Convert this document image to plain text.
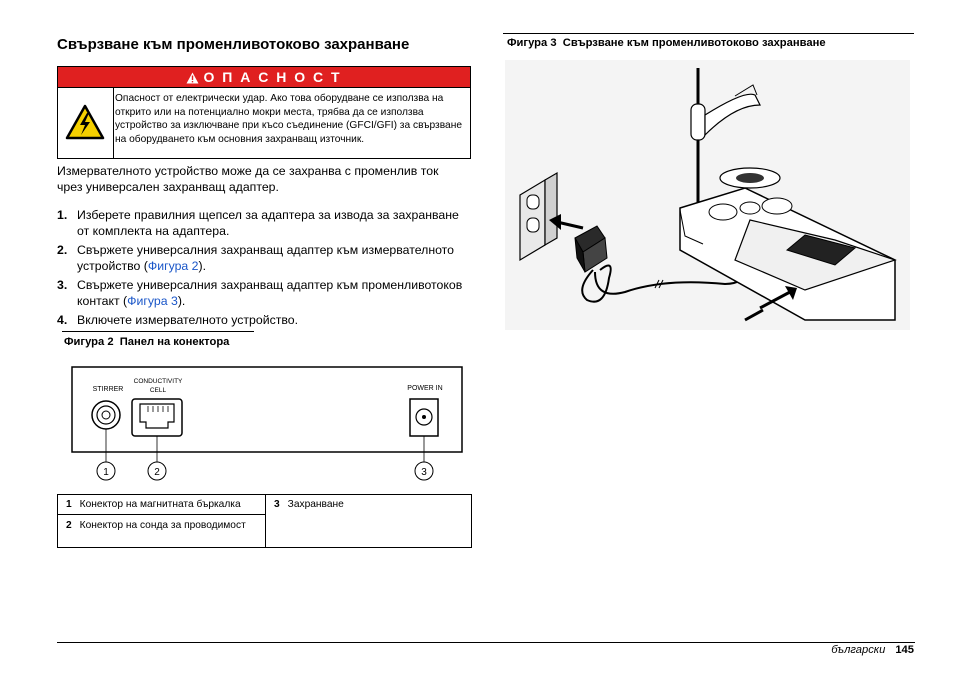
Свързване към променливотоково захранване
О П А С Н О С Т
Опасност от електрически удар. Ако това оборудване се използва на открито или на потенциално мокри места, трябва да се използва устройство за изключване при късо съединение (GFCI/GFI) за свързване на оборудването към основния захранващ източник.
Измервателното устройство може да се захранва с променлив ток чрез универсален захранващ адаптер.
1. Изберете правилния щепсел за адаптера за извода за захранване от комплекта на адаптера.
2. Свържете универсалния захранващ адаптер към измервателното устройство (Фигура 2).
3. Свържете универсалния захранващ адаптер към променливотоков контакт (Фигура 3).
4. Включете измервателното устройство.
Фигура 2 Панел на конектора
STIRRER
CONDUCTIVITY
CELL	POWER IN
1	2	3
1 Конектор на магнитната бъркалка
2 Конектор на сонда за проводимост
3 Захранване
Фигура 3 Свързване към променливотоково захранване
български 145
